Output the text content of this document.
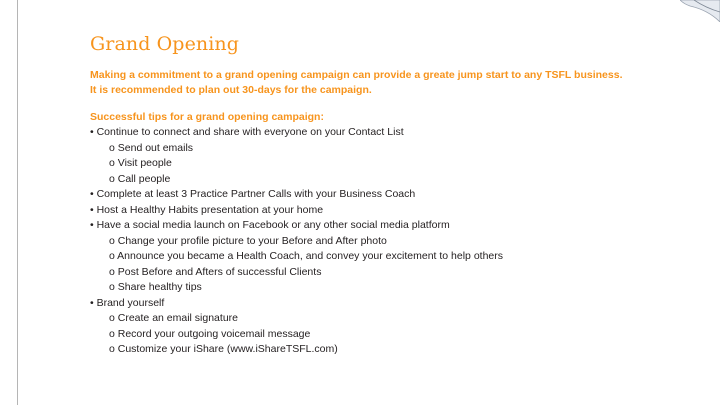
Grand Opening
Making a commitment to a grand opening campaign can provide a greate jump start to any TSFL business.
It is recommended to plan out 30-days for the campaign.
Successful tips for a grand opening campaign:
• Continue to connect and share with everyone on your Contact List
o Send out emails
o Visit people
o Call people
• Complete at least 3 Practice Partner Calls with your Business Coach
• Host a Healthy Habits presentation at your home
• Have a social media launch on Facebook or any other social media platform
o Change your profile picture to your Before and After photo
o Announce you became a Health Coach, and convey your excitement to help others
o Post Before and Afters of successful Clients
o Share healthy tips
• Brand yourself
o Create an email signature
o Record your outgoing voicemail message
o Customize your iShare (www.iShareTSFL.com)
